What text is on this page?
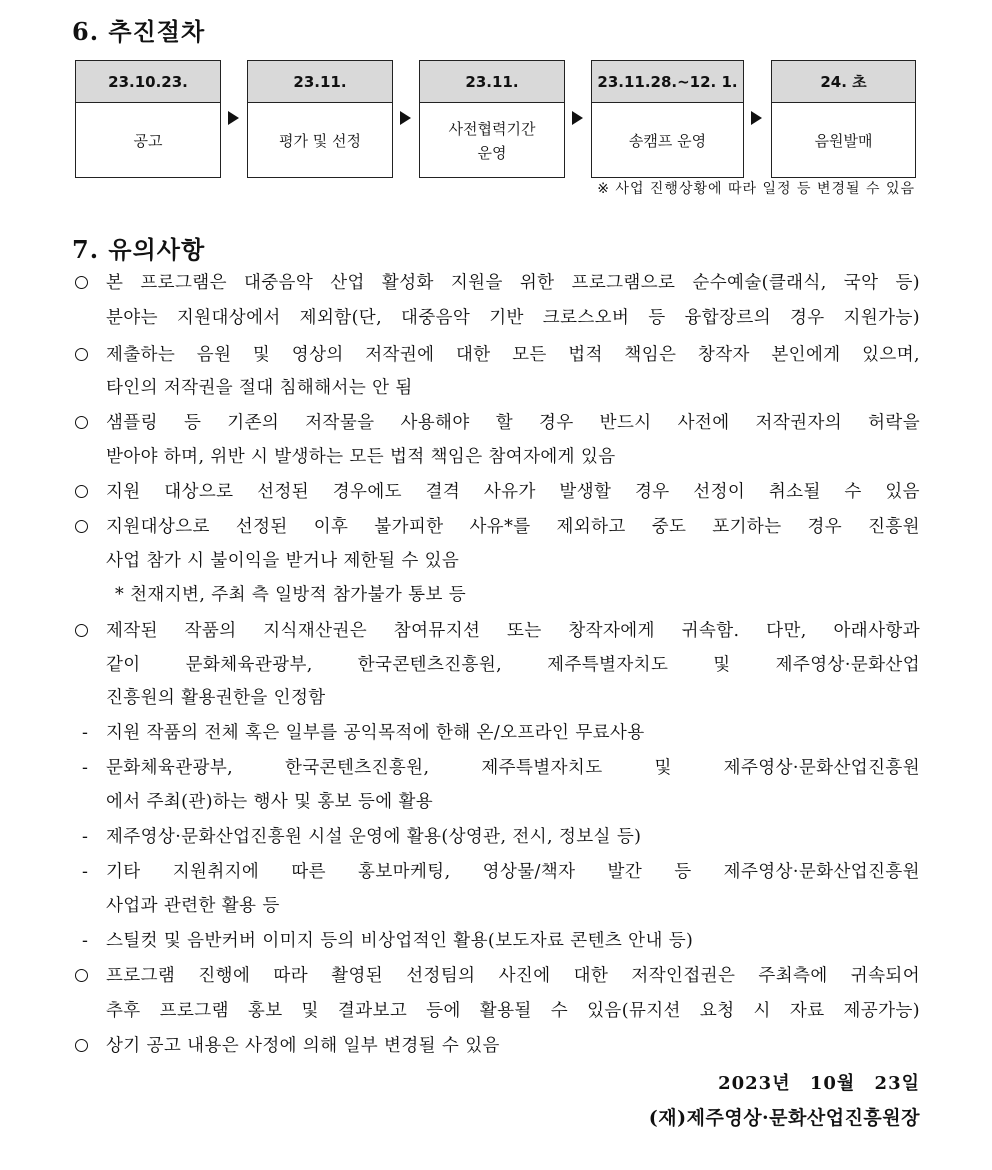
6. 추진절차
23.10.23.
공고
23.11.
평가 및 선정
23.11.
사전협력기간
운영
23.11.28.~12. 1.
송캠프 운영
24. 초
음원발매
※ 사업 진행상황에 따라 일정 등 변경될 수 있음
7. 유의사항
본 프로그램은 대중음악 산업 활성화 지원을 위한 프로그램으로 순수예술(클래식, 국악 등)
분야는 지원대상에서 제외함(단, 대중음악 기반 크로스오버 등 융합장르의 경우 지원가능)
제출하는 음원 및 영상의 저작권에 대한 모든 법적 책임은 창작자 본인에게 있으며,
타인의 저작권을 절대 침해해서는 안 됨
샘플링 등 기존의 저작물을 사용해야 할 경우 반드시 사전에 저작권자의 허락을
받아야 하며, 위반 시 발생하는 모든 법적 책임은 참여자에게 있음
지원 대상으로 선정된 경우에도 결격 사유가 발생할 경우 선정이 취소될 수 있음
지원대상으로 선정된 이후 불가피한 사유*를 제외하고 중도 포기하는 경우 진흥원
사업 참가 시 불이익을 받거나 제한될 수 있음
* 천재지변, 주최 측 일방적 참가불가 통보 등
제작된 작품의 지식재산권은 참여뮤지션 또는 창작자에게 귀속함. 다만, 아래사항과
같이 문화체육관광부, 한국콘텐츠진흥원, 제주특별자치도 및 제주영상·문화산업
진흥원의 활용권한을 인정함
- 지원 작품의 전체 혹은 일부를 공익목적에 한해 온/오프라인 무료사용
- 문화체육관광부, 한국콘텐츠진흥원, 제주특별자치도 및 제주영상·문화산업진흥원
에서 주최(관)하는 행사 및 홍보 등에 활용
- 제주영상·문화산업진흥원 시설 운영에 활용(상영관, 전시, 정보실 등)
- 기타 지원취지에 따른 홍보마케팅, 영상물/책자 발간 등 제주영상·문화산업진흥원
사업과 관련한 활용 등
- 스틸컷 및 음반커버 이미지 등의 비상업적인 활용(보도자료 콘텐츠 안내 등)
프로그램 진행에 따라 촬영된 선정팀의 사진에 대한 저작인접권은 주최측에 귀속되어
추후 프로그램 홍보 및 결과보고 등에 활용될 수 있음(뮤지션 요청 시 자료 제공가능)
상기 공고 내용은 사정에 의해 일부 변경될 수 있음
2023년 10월 23일
(재)제주영상·문화산업진흥원장
